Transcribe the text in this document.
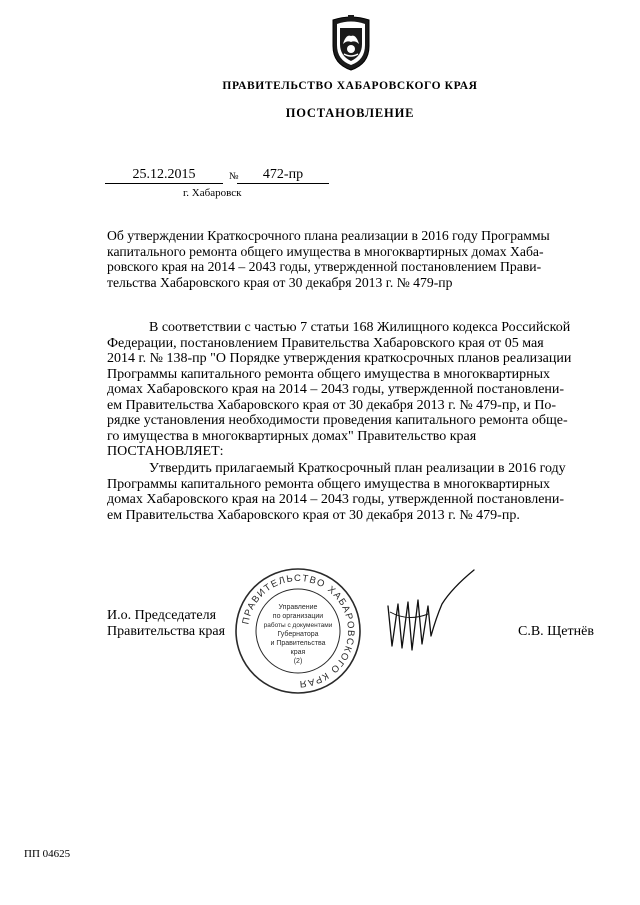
ПРАВИТЕЛЬСТВО ХАБАРОВСКОГО КРАЯ
ПОСТАНОВЛЕНИЕ
25.12.2015	№	472-пр
г. Хабаровск
Об утверждении Краткосрочного плана реализации в 2016 году Программы
капитального ремонта общего имущества в многоквартирных домах Хаба-
ровского края на 2014 – 2043 годы, утвержденной постановлением Прави-
тельства Хабаровского края от 30 декабря 2013 г. № 479-пр
В соответствии с частью 7 статьи 168 Жилищного кодекса Российской
Федерации, постановлением Правительства Хабаровского края от 05 мая
2014 г. № 138-пр "О Порядке утверждения краткосрочных планов реализации
Программы капитального ремонта общего имущества в многоквартирных
домах Хабаровского края на 2014 – 2043 годы, утвержденной постановлени-
ем Правительства Хабаровского края от 30 декабря 2013 г. № 479-пр, и По-
рядке установления необходимости проведения капитального ремонта обще-
го имущества в многоквартирных домах" Правительство края
ПОСТАНОВЛЯЕТ:
Утвердить прилагаемый Краткосрочный план реализации в 2016 году
Программы капитального ремонта общего имущества в многоквартирных
домах Хабаровского края на 2014 – 2043 годы, утвержденной постановлени-
ем Правительства Хабаровского края от 30 декабря 2013 г. № 479-пр.
ПРАВИТЕЛЬСТВО ХАБАРОВСКОГО КРАЯ
Управление
по организации
работы с документами
Губернатора
и Правительства
края
(2)
И.о. Председателя
Правительства края	С.В. Щетнёв
ПП 04625
